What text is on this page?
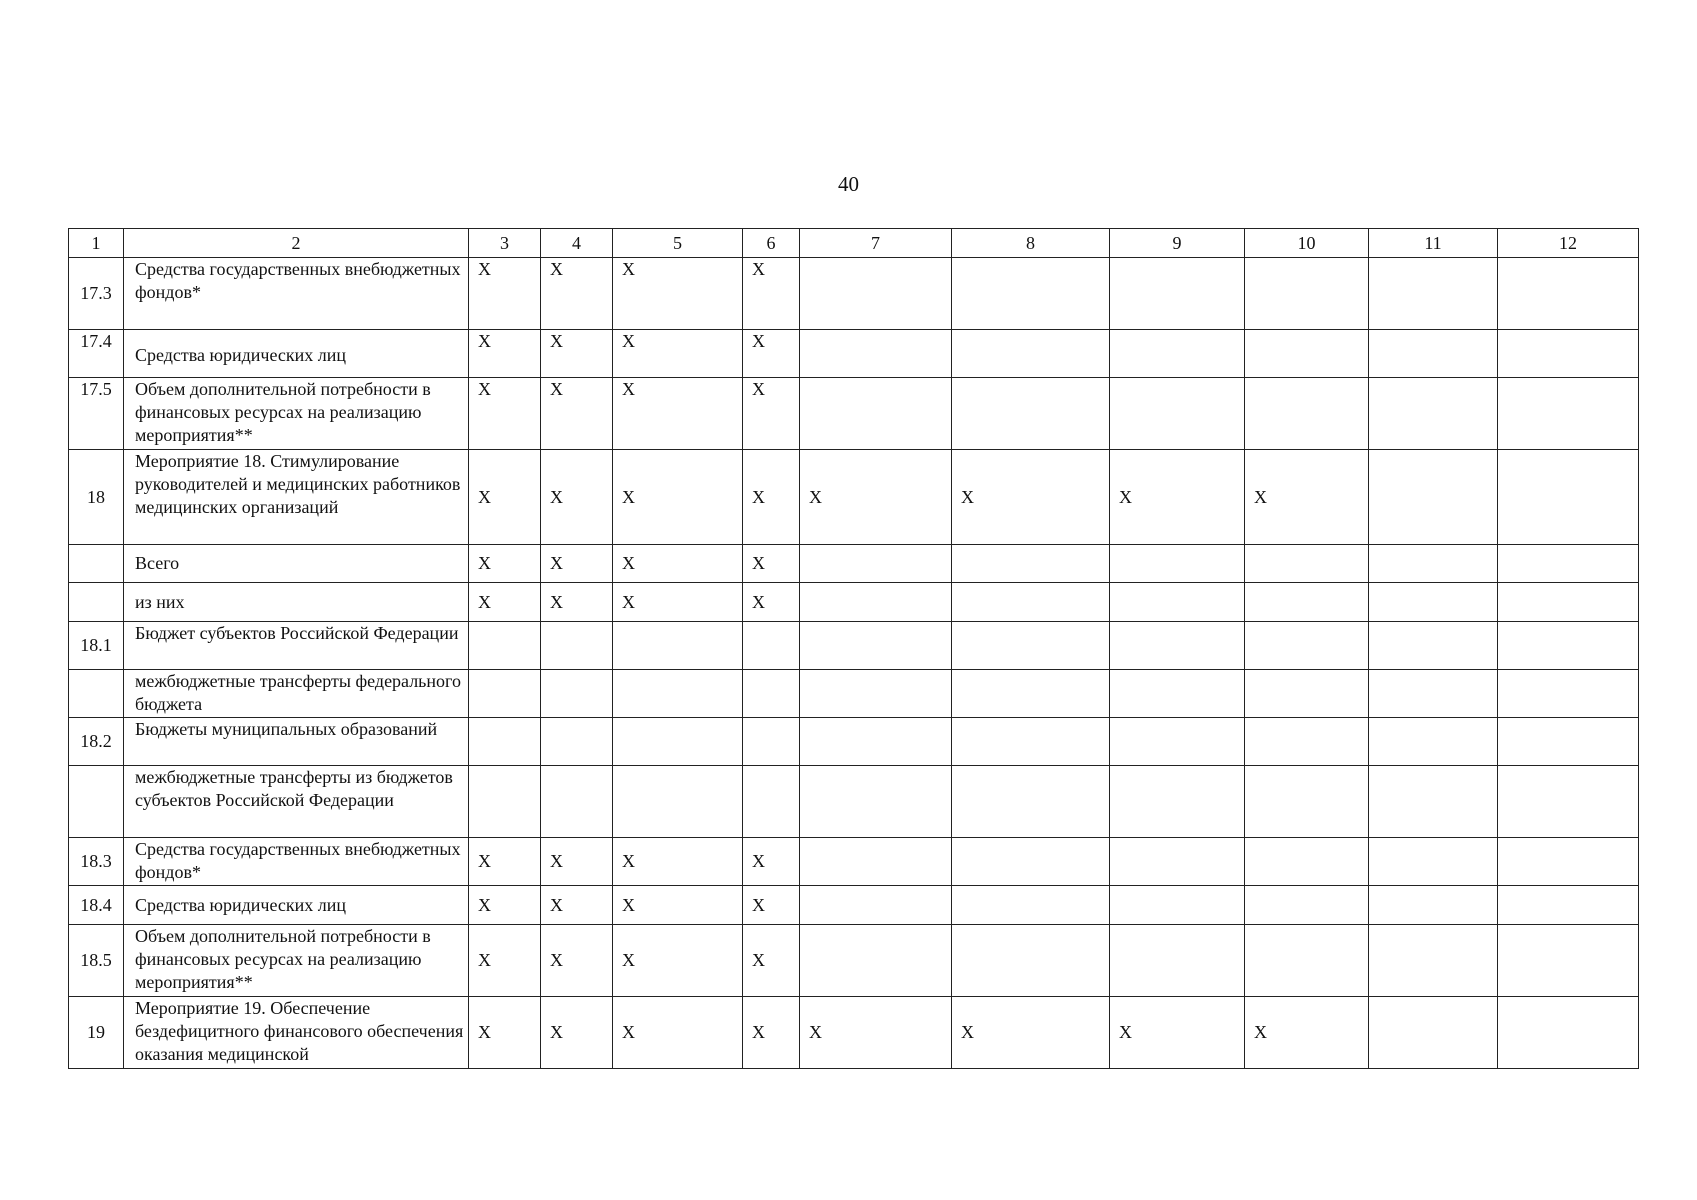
40
1	2	3	4	5	6	7	8	9	10	11	12
17.3	Средства государственных внебюджетных фондов*	X	X	X	X						
17.4	Средства юридических лиц	X	X	X	X						
17.5	Объем дополнительной потребности в финансовых ресурсах на реализацию мероприятия**	X	X	X	X						
18	Мероприятие 18. Стимулирование руководителей и медицинских работников медицинских организаций	X	X	X	X	X	X	X	X		
	Всего	X	X	X	X						
	из них	X	X	X	X						
18.1	Бюджет субъектов Российской Федерации										
	межбюджетные трансферты федерального бюджета										
18.2	Бюджеты муниципальных образований										
	межбюджетные трансферты из бюджетов субъектов Российской Федерации										
18.3	Средства государственных внебюджетных фондов*	X	X	X	X						
18.4	Средства юридических лиц	X	X	X	X						
18.5	Объем дополнительной потребности в финансовых ресурсах на реализацию мероприятия**	X	X	X	X						
19	Мероприятие 19. Обеспечение бездефицитного финансового обеспечения оказания медицинской	X	X	X	X	X	X	X	X		
